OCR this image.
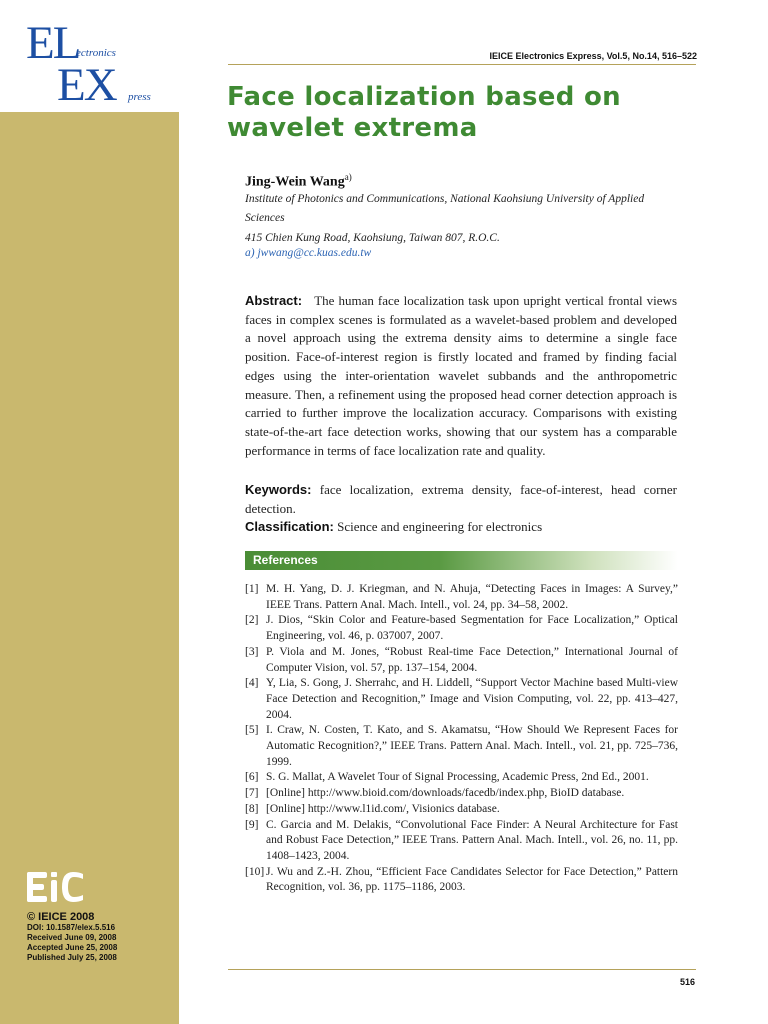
EL
ectronics
EX press
© IEICE 2008
DOI: 10.1587/elex.5.516
Received June 09, 2008
Accepted June 25, 2008
Published July 25, 2008
IEICE Electronics Express, Vol.5, No.14, 516–522
Face localization based on wavelet extrema
Jing-Wein Wang$^{a)}$
Institute of Photonics and Communications, National Kaohsiung University of Applied Sciences
415 Chien Kung Road, Kaohsiung, Taiwan 807, R.O.C.
a) jwwang@cc.kuas.edu.tw
Abstract: The human face localization task upon upright vertical frontal views faces in complex scenes is formulated as a wavelet-based problem and developed a novel approach using the extrema density aims to determine a single face position. Face-of-interest region is firstly located and framed by finding facial edges using the inter-orientation wavelet subbands and the anthropometric measure. Then, a refinement using the proposed head corner detection approach is carried to further improve the localization accuracy. Comparisons with existing state-of-the-art face detection works, showing that our system has a comparable performance in terms of face localization rate and quality.
Keywords: face localization, extrema density, face-of-interest, head corner detection.
Classification: Science and engineering for electronics
References
[1] M. H. Yang, D. J. Kriegman, and N. Ahuja, “Detecting Faces in Images: A Survey,” IEEE Trans. Pattern Anal. Mach. Intell., vol. 24, pp. 34–58, 2002.
[2] J. Dios, “Skin Color and Feature-based Segmentation for Face Localization,” Optical Engineering, vol. 46, p. 037007, 2007.
[3] P. Viola and M. Jones, “Robust Real-time Face Detection,” International Journal of Computer Vision, vol. 57, pp. 137–154, 2004.
[4] Y, Lia, S. Gong, J. Sherrahc, and H. Liddell, “Support Vector Machine based Multi-view Face Detection and Recognition,” Image and Vision Computing, vol. 22, pp. 413–427, 2004.
[5] I. Craw, N. Costen, T. Kato, and S. Akamatsu, “How Should We Represent Faces for Automatic Recognition?,” IEEE Trans. Pattern Anal. Mach. Intell., vol. 21, pp. 725–736, 1999.
[6] S. G. Mallat, A Wavelet Tour of Signal Processing, Academic Press, 2nd Ed., 2001.
[7] [Online] http://www.bioid.com/downloads/facedb/index.php, BioID database.
[8] [Online] http://www.l1id.com/, Visionics database.
[9] C. Garcia and M. Delakis, “Convolutional Face Finder: A Neural Architecture for Fast and Robust Face Detection,” IEEE Trans. Pattern Anal. Mach. Intell., vol. 26, no. 11, pp. 1408–1423, 2004.
[10] J. Wu and Z.-H. Zhou, “Efficient Face Candidates Selector for Face Detection,” Pattern Recognition, vol. 36, pp. 1175–1186, 2003.
516
